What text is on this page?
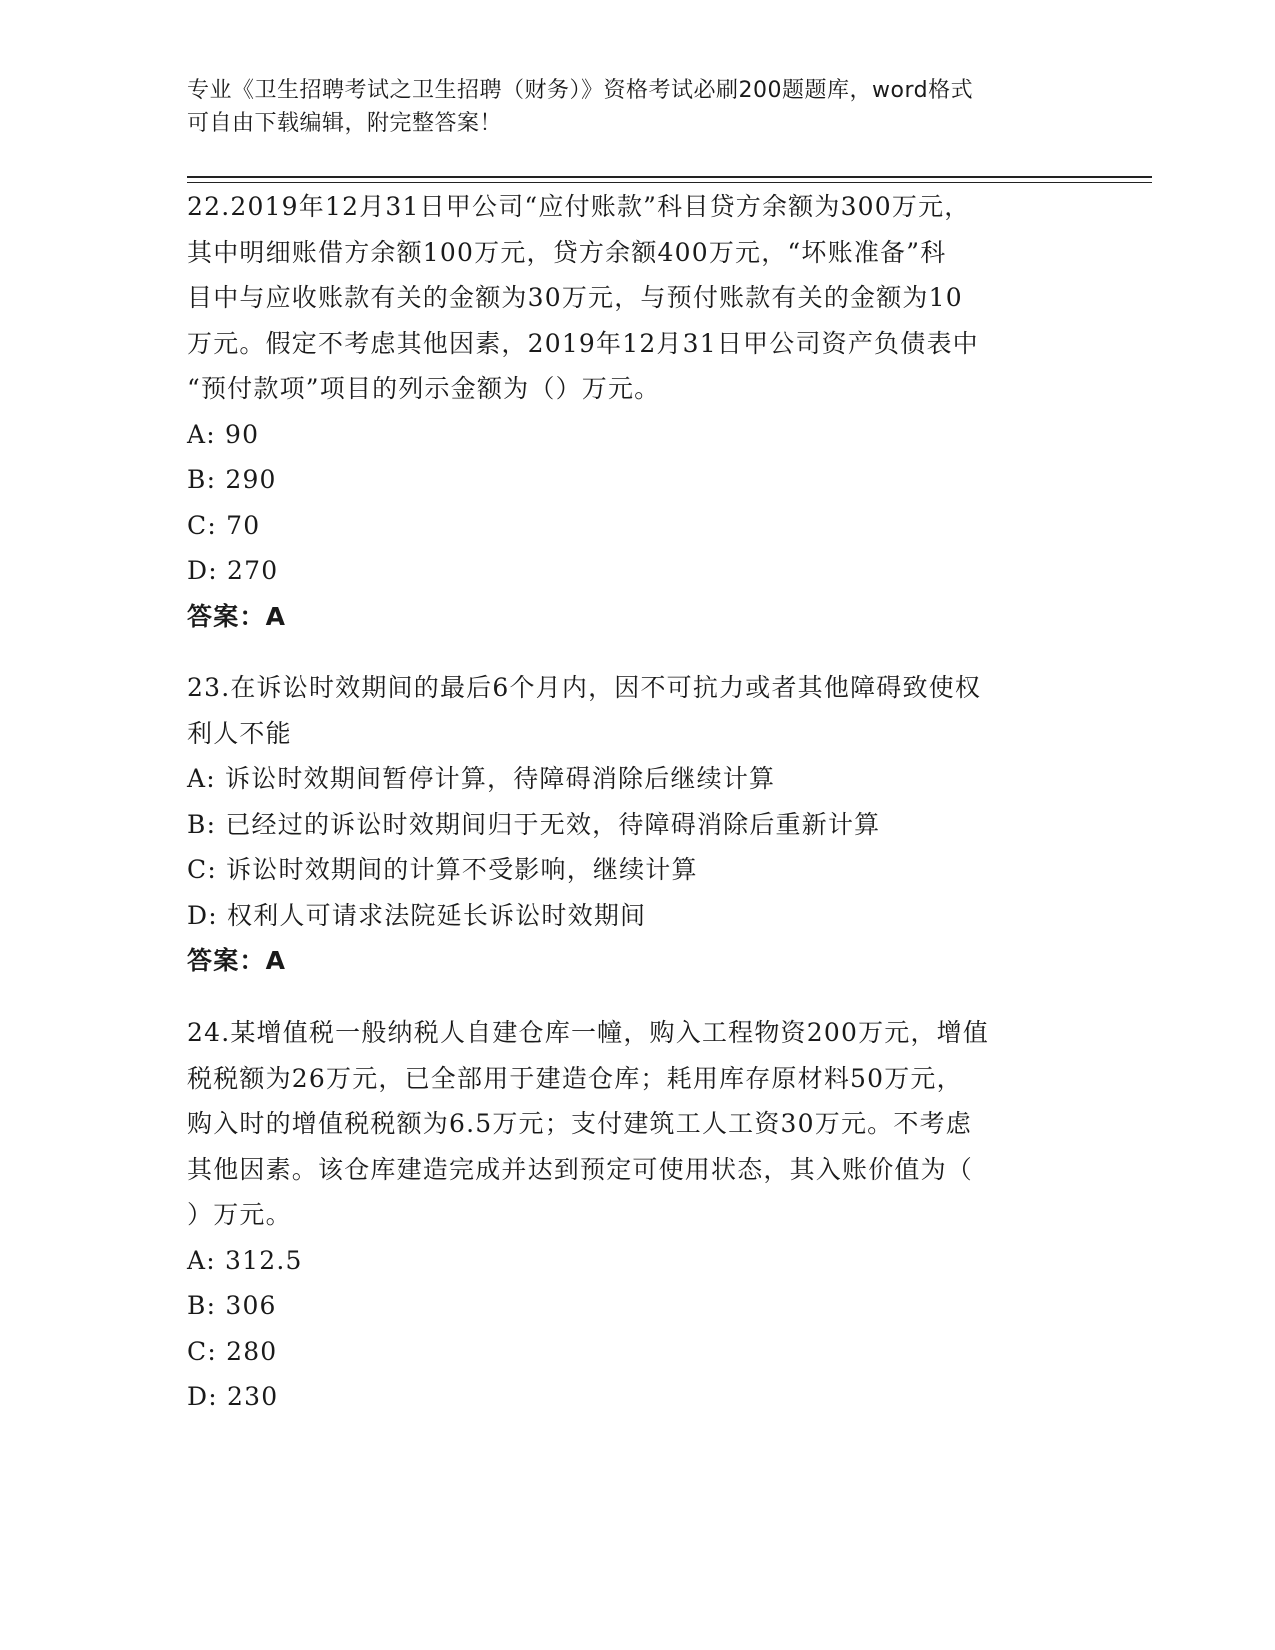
专业《卫生招聘考试之卫生招聘（财务）》资格考试必刷200题题库，word格式
可自由下载编辑，附完整答案！
22.2019年12月31日甲公司“应付账款”科目贷方余额为300万元，
其中明细账借方余额100万元，贷方余额400万元，“坏账准备”科
目中与应收账款有关的金额为30万元，与预付账款有关的金额为10
万元。假定不考虑其他因素，2019年12月31日甲公司资产负债表中
“预付款项”项目的列示金额为（）万元。
A: 90
B: 290
C: 70
D: 270
答案：A
23.在诉讼时效期间的最后6个月内，因不可抗力或者其他障碍致使权
利人不能
A: 诉讼时效期间暂停计算，待障碍消除后继续计算
B: 已经过的诉讼时效期间归于无效，待障碍消除后重新计算
C: 诉讼时效期间的计算不受影响，继续计算
D: 权利人可请求法院延长诉讼时效期间
答案：A
24.某增值税一般纳税人自建仓库一幢，购入工程物资200万元，增值
税税额为26万元，已全部用于建造仓库；耗用库存原材料50万元，
购入时的增值税税额为6.5万元；支付建筑工人工资30万元。不考虑
其他因素。该仓库建造完成并达到预定可使用状态，其入账价值为（
）万元。
A: 312.5
B: 306
C: 280
D: 230
